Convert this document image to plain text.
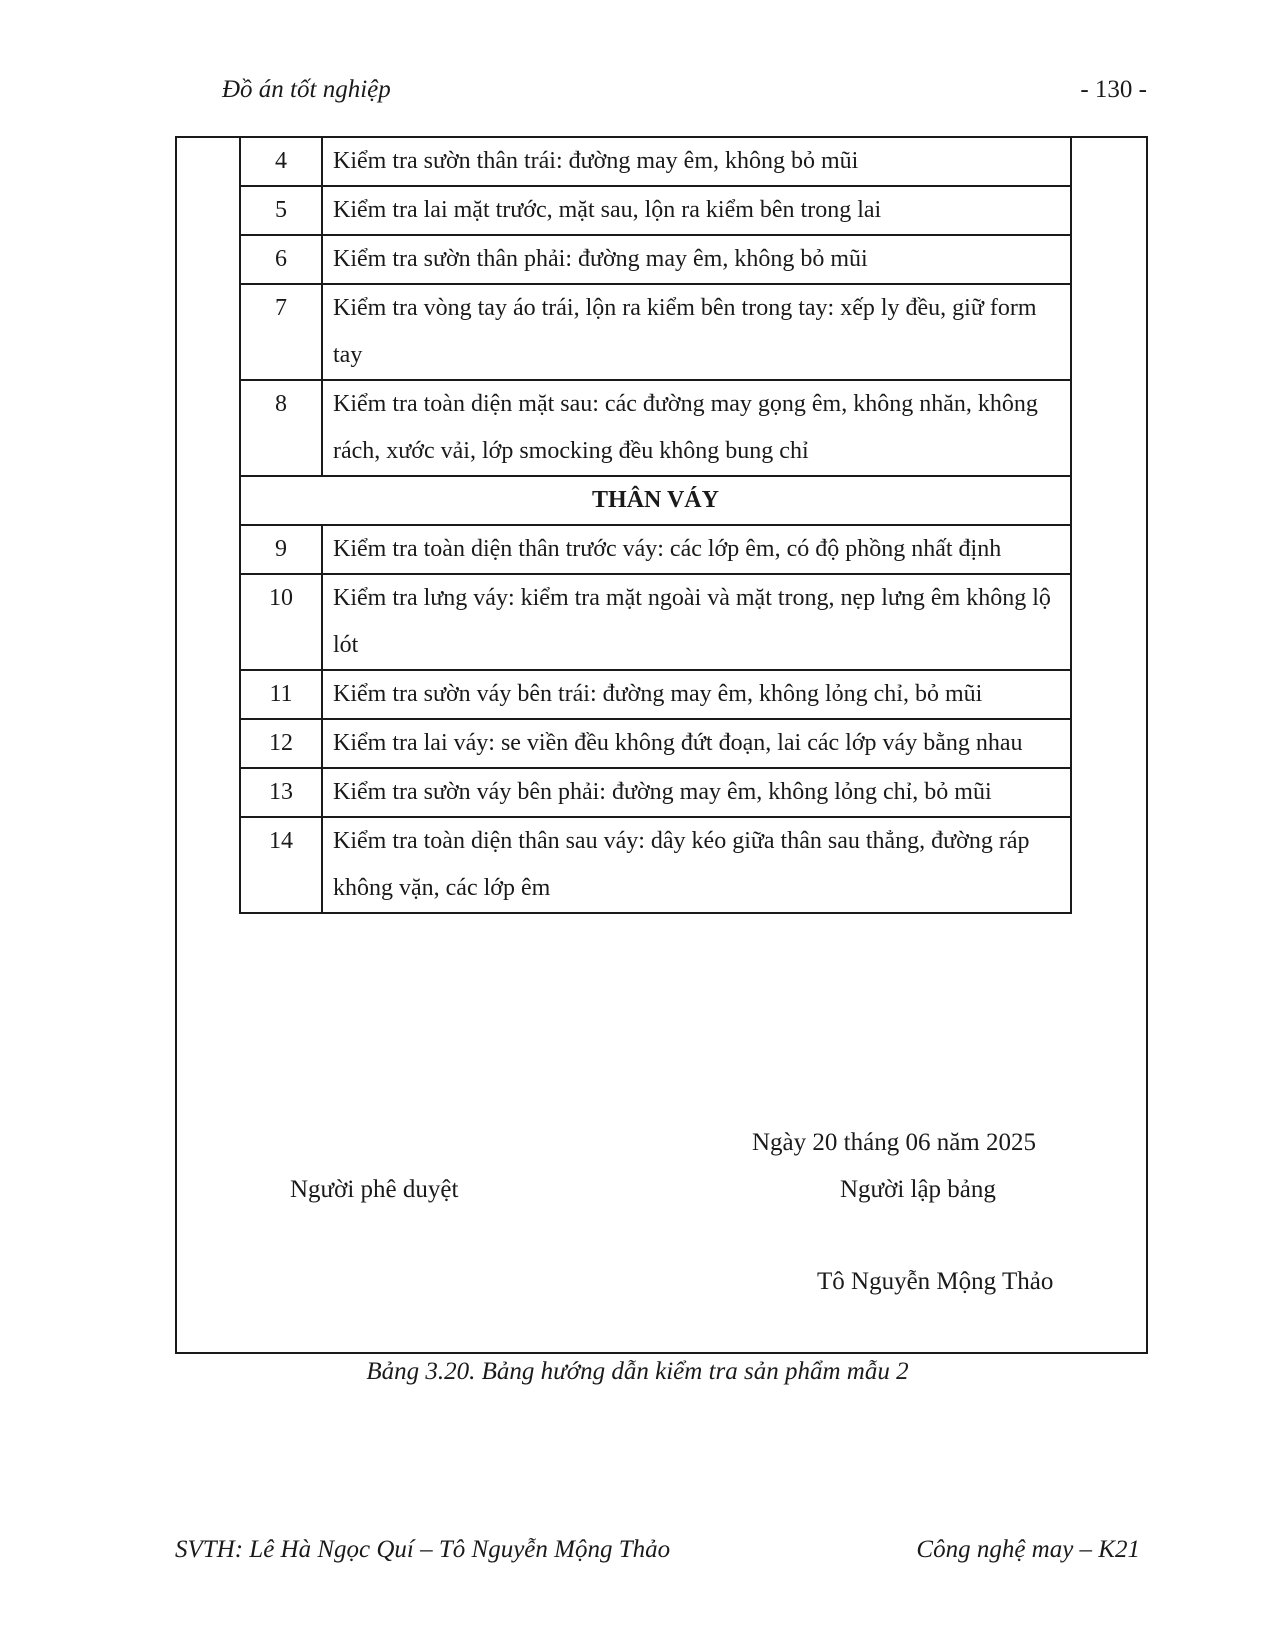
Đồ án tốt nghiệp	- 130 -
4	Kiểm tra sườn thân trái: đường may êm, không bỏ mũi
5	Kiểm tra lai mặt trước, mặt sau, lộn ra kiểm bên trong lai
6	Kiểm tra sườn thân phải: đường may êm, không bỏ mũi
7	Kiểm tra vòng tay áo trái, lộn ra kiểm bên trong tay: xếp ly đều, giữ form tay
8	Kiểm tra toàn diện mặt sau: các đường may gọng êm, không nhăn, không rách, xước vải, lớp smocking đều không bung chỉ
THÂN VÁY	
9	Kiểm tra toàn diện thân trước váy: các lớp êm, có độ phồng nhất định
10	Kiểm tra lưng váy: kiểm tra mặt ngoài và mặt trong, nẹp lưng êm không lộ lót
11	Kiểm tra sườn váy bên trái: đường may êm, không lỏng chỉ, bỏ mũi
12	Kiểm tra lai váy: se viền đều không đứt đoạn, lai các lớp váy bằng nhau
13	Kiểm tra sườn váy bên phải: đường may êm, không lỏng chỉ, bỏ mũi
14	Kiểm tra toàn diện thân sau váy: dây kéo giữa thân sau thẳng, đường ráp không vặn, các lớp êm
Ngày 20 tháng 06 năm 2025
Người phê duyệt	Người lập bảng
Tô Nguyễn Mộng Thảo
Bảng 3.20. Bảng hướng dẫn kiểm tra sản phẩm mẫu 2
SVTH: Lê Hà Ngọc Quí – Tô Nguyễn Mộng Thảo	Công nghệ may – K21
